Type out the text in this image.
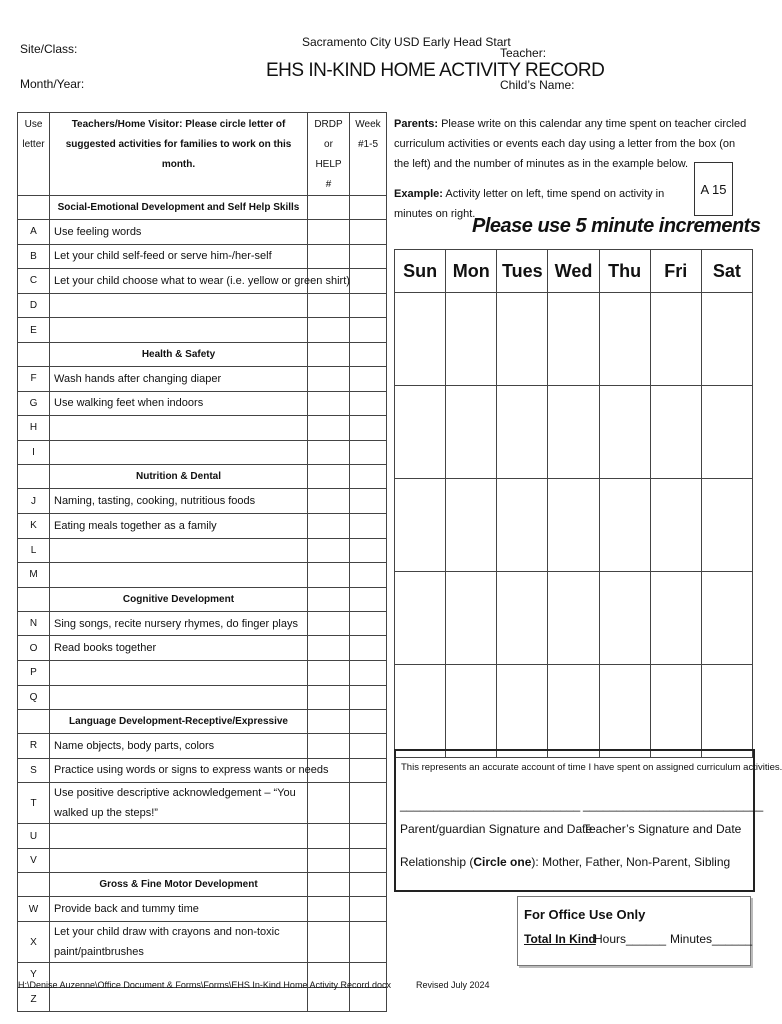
Site/Class:
Month/Year:
Sacramento City USD Early Head Start
EHS IN-KIND HOME ACTIVITY RECORD
Teacher:
Child’s Name:
Use letter	Teachers/Home Visitor: Please circle letter of suggested activities for families to work on this month.	DRDP or HELP #	Week #1-5
	Social-Emotional Development and Self Help Skills		
A	Use feeling words		
B	Let your child self-feed or serve him-/her-self		
C	Let your child choose what to wear (i.e. yellow or green shirt)		
D			
E			
	Health & Safety		
F	Wash hands after changing diaper		
G	Use walking feet when indoors		
H			
I			
	Nutrition & Dental		
J	Naming, tasting, cooking, nutritious foods		
K	Eating meals together as a family		
L			
M			
	Cognitive Development		
N	Sing songs, recite nursery rhymes, do finger plays		
O	Read books together		
P			
Q			
	Language Development-Receptive/Expressive		
R	Name objects, body parts, colors		
S	Practice using words or signs to express wants or needs		
T	Use positive descriptive acknowledgement – “You walked up the steps!”		
U			
V			
	Gross & Fine Motor Development		
W	Provide back and tummy time		
X	Let your child draw with crayons and non-toxic paint/paintbrushes		
Y			
Z			
Parents: Please write on this calendar any time spent on teacher circled curriculum activities or events each day using a letter from the box (on the left) and the number of minutes as in the example below.
Example: Activity letter on left, time spend on activity in minutes on right.
A 15
Please use 5 minute increments
Sun	Mon	Tues	Wed	Thu	Fri	Sat

This represents an accurate account of time I have spent on assigned curriculum activities.
___________________________ ___________________________
Parent/guardian Signature and Date
Teacher’s Signature and Date
Relationship (Circle one): Mother, Father, Non-Parent, Sibling
For Office Use Only
Total In Kind
Hours______ Minutes______
H:\Denise Auzenne\Office Document & Forms\Forms\EHS In-Kind Home Activity Record.docx	Revised July 2024
